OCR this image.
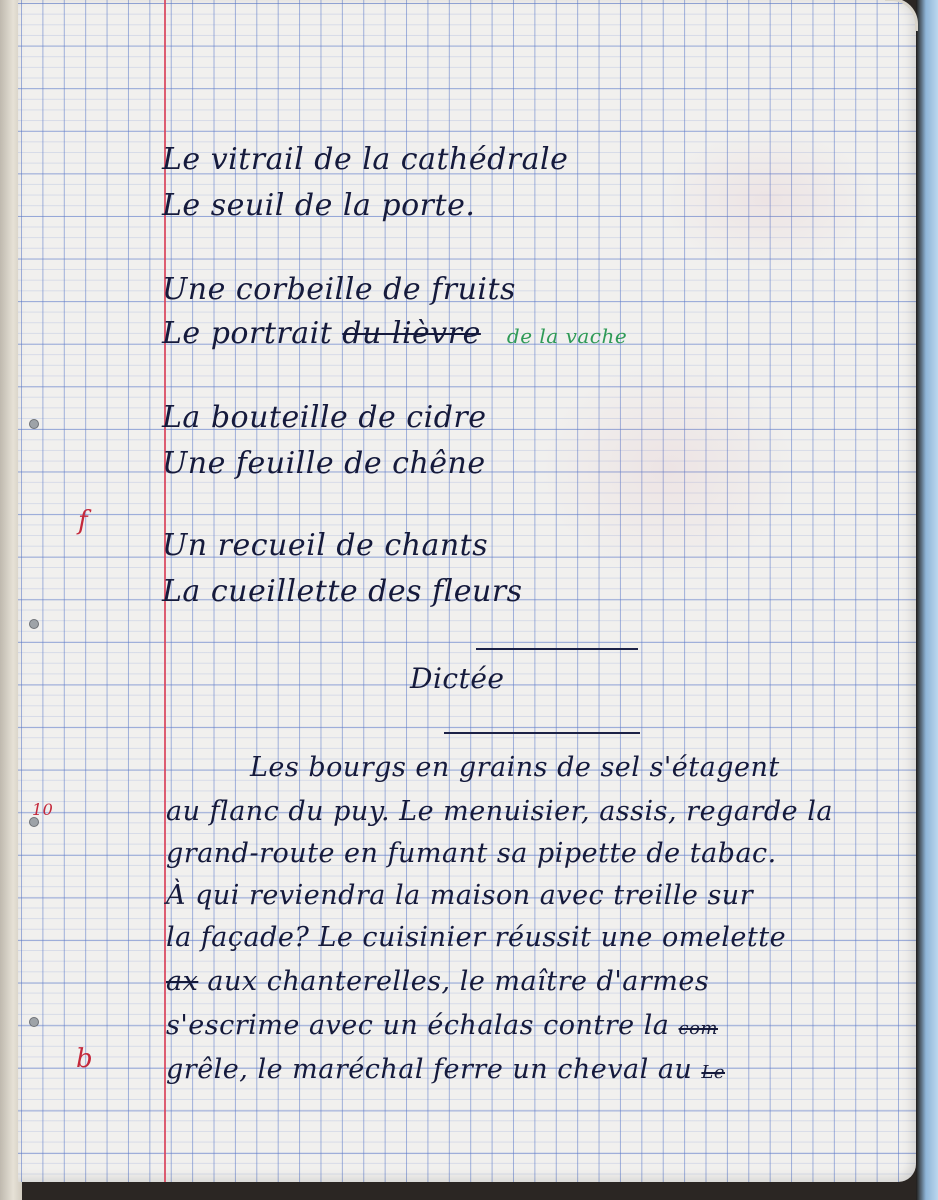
Le vitrail de la cathédrale
Le seuil de la porte.
Une corbeille de fruits
Le portrait du lièvre de la vache
La bouteille de cidre
Une feuille de chêne
f
Un recueil de chants
La cueillette des fleurs
Dictée
Les bourgs en grains de sel s'étagent
10	au flanc du puy. Le menuisier, assis, regarde la
grand-route en fumant sa pipette de tabac.
À qui reviendra la maison avec treille sur
la façade? Le cuisinier réussit une omelette
ax aux chanterelles, le maître d'armes
s'escrime avec un échalas contre la com
b	grêle, le maréchal ferre un cheval au Le
